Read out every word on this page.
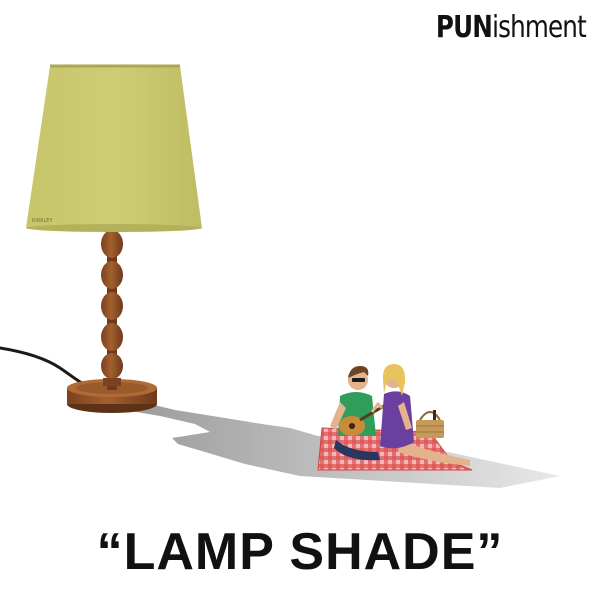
PUNishment
KIRKLEY
“LAMP SHADE”
